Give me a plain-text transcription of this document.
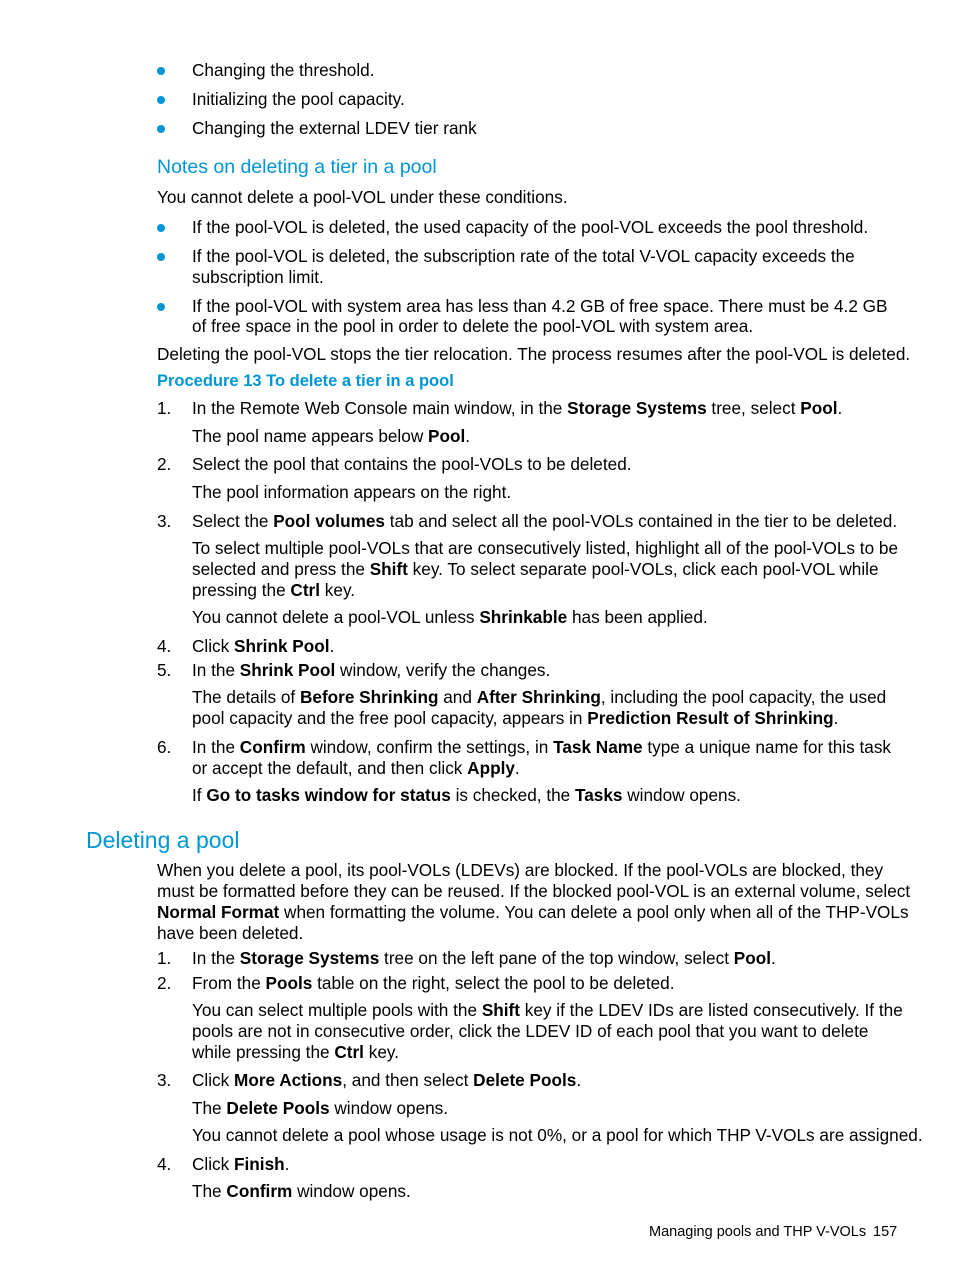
Changing the threshold.

Initializing the pool capacity.

Changing the external LDEV tier rank

Notes on deleting a tier in a pool

You cannot delete a pool-VOL under these conditions.

If the pool-VOL is deleted, the used capacity of the pool-VOL exceeds the pool threshold.

If the pool-VOL is deleted, the subscription rate of the total V-VOL capacity exceeds the

subscription limit.

If the pool-VOL with system area has less than 4.2 GB of free space. There must be 4.2 GB

of free space in the pool in order to delete the pool-VOL with system area.

Deleting the pool-VOL stops the tier relocation. The process resumes after the pool-VOL is deleted.

Procedure 13 To delete a tier in a pool

1. In the Remote Web Console main window, in the Storage Systems tree, select Pool.

The pool name appears below Pool.

2. Select the pool that contains the pool-VOLs to be deleted.

The pool information appears on the right.

3. Select the Pool volumes tab and select all the pool-VOLs contained in the tier to be deleted.

To select multiple pool-VOLs that are consecutively listed, highlight all of the pool-VOLs to be

selected and press the Shift key. To select separate pool-VOLs, click each pool-VOL while

pressing the Ctrl key.

You cannot delete a pool-VOL unless Shrinkable has been applied.

4. Click Shrink Pool.

5. In the Shrink Pool window, verify the changes.

The details of Before Shrinking and After Shrinking, including the pool capacity, the used

pool capacity and the free pool capacity, appears in Prediction Result of Shrinking.

6. In the Confirm window, confirm the settings, in Task Name type a unique name for this task

or accept the default, and then click Apply.

If Go to tasks window for status is checked, the Tasks window opens.

Deleting a pool

When you delete a pool, its pool-VOLs (LDEVs) are blocked. If the pool-VOLs are blocked, they

must be formatted before they can be reused. If the blocked pool-VOL is an external volume, select

Normal Format when formatting the volume. You can delete a pool only when all of the THP-VOLs

have been deleted.

1. In the Storage Systems tree on the left pane of the top window, select Pool.

2. From the Pools table on the right, select the pool to be deleted.

You can select multiple pools with the Shift key if the LDEV IDs are listed consecutively. If the

pools are not in consecutive order, click the LDEV ID of each pool that you want to delete

while pressing the Ctrl key.

3. Click More Actions, and then select Delete Pools.

The Delete Pools window opens.

You cannot delete a pool whose usage is not 0%, or a pool for which THP V-VOLs are assigned.

4. Click Finish.

The Confirm window opens.

Managing pools and THP V-VOLs 157
